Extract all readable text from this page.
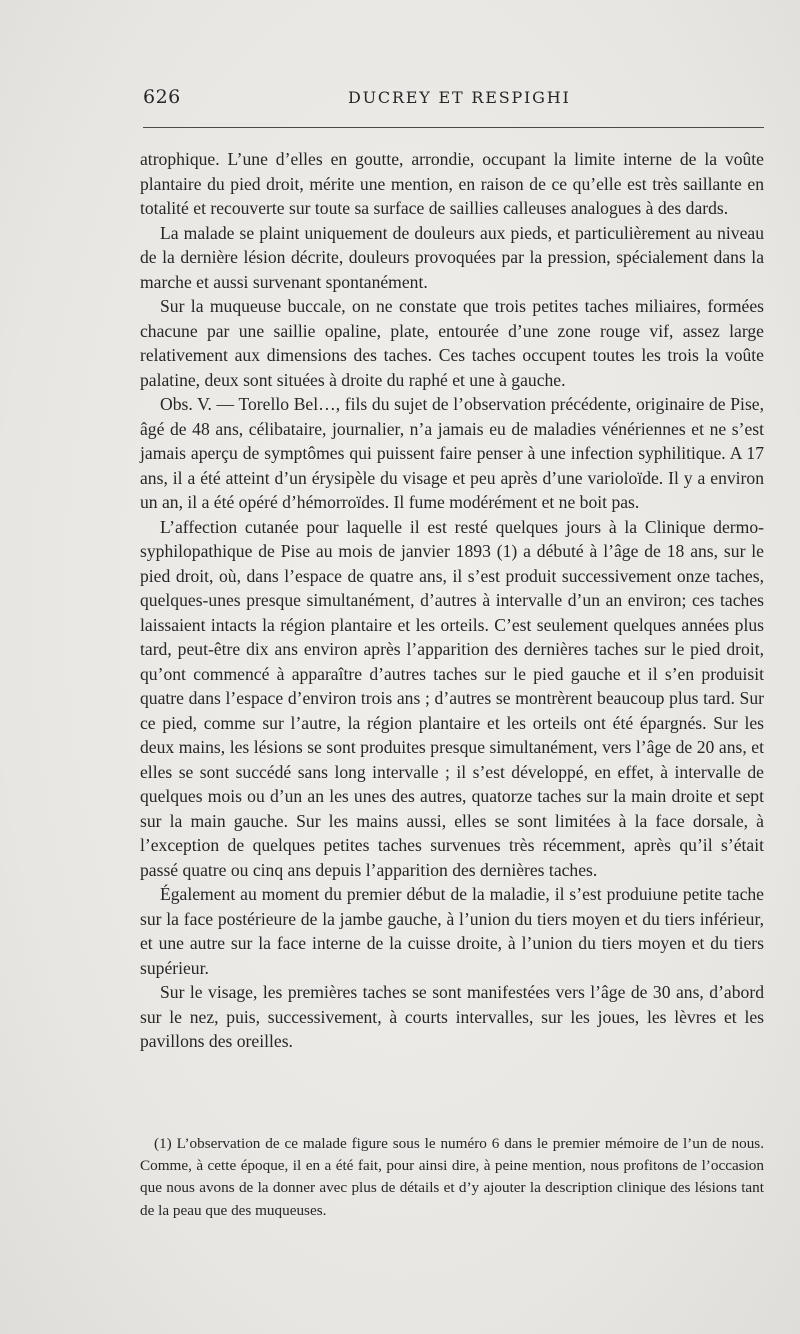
626	DUCREY ET RESPIGHI

atrophique. L’une d’elles en goutte, arrondie, occupant la limite interne de la voûte plantaire du pied droit, mérite une mention, en raison de ce qu’elle est très saillante en totalité et recouverte sur toute sa surface de saillies calleuses analogues à des dards.

La malade se plaint uniquement de douleurs aux pieds, et particulièrement au niveau de la dernière lésion décrite, douleurs provoquées par la pression, spécialement dans la marche et aussi survenant spontanément.

Sur la muqueuse buccale, on ne constate que trois petites taches miliaires, formées chacune par une saillie opaline, plate, entourée d’une zone rouge vif, assez large relativement aux dimensions des taches. Ces taches occupent toutes les trois la voûte palatine, deux sont situées à droite du raphé et une à gauche.

Obs. V. — Torello Bel…, fils du sujet de l’observation précédente, originaire de Pise, âgé de 48 ans, célibataire, journalier, n’a jamais eu de maladies vénériennes et ne s’est jamais aperçu de symptômes qui puissent faire penser à une infection syphilitique. A 17 ans, il a été atteint d’un érysipèle du visage et peu après d’une varioloïde. Il y a environ un an, il a été opéré d’hémorroïdes. Il fume modérément et ne boit pas.

L’affection cutanée pour laquelle il est resté quelques jours à la Clinique dermo-syphilopathique de Pise au mois de janvier 1893 (1) a débuté à l’âge de 18 ans, sur le pied droit, où, dans l’espace de quatre ans, il s’est produit successivement onze taches, quelques-unes presque simultanément, d’autres à intervalle d’un an environ; ces taches laissaient intacts la région plantaire et les orteils. C’est seulement quelques années plus tard, peut-être dix ans environ après l’apparition des dernières taches sur le pied droit, qu’ont commencé à apparaître d’autres taches sur le pied gauche et il s’en produisit quatre dans l’espace d’environ trois ans ; d’autres se montrèrent beaucoup plus tard. Sur ce pied, comme sur l’autre, la région plantaire et les orteils ont été épargnés. Sur les deux mains, les lésions se sont produites presque simultanément, vers l’âge de 20 ans, et elles se sont succédé sans long intervalle ; il s’est développé, en effet, à intervalle de quelques mois ou d’un an les unes des autres, quatorze taches sur la main droite et sept sur la main gauche. Sur les mains aussi, elles se sont limitées à la face dorsale, à l’exception de quelques petites taches survenues très récemment, après qu’il s’était passé quatre ou cinq ans depuis l’apparition des dernières taches.

Également au moment du premier début de la maladie, il s’est produiune petite tache sur la face postérieure de la jambe gauche, à l’union du tiers moyen et du tiers inférieur, et une autre sur la face interne de la cuisse droite, à l’union du tiers moyen et du tiers supérieur.

Sur le visage, les premières taches se sont manifestées vers l’âge de 30 ans, d’abord sur le nez, puis, successivement, à courts intervalles, sur les joues, les lèvres et les pavillons des oreilles.

(1) L’observation de ce malade figure sous le numéro 6 dans le premier mémoire de l’un de nous. Comme, à cette époque, il en a été fait, pour ainsi dire, à peine mention, nous profitons de l’occasion que nous avons de la donner avec plus de détails et d’y ajouter la description clinique des lésions tant de la peau que des muqueuses.
